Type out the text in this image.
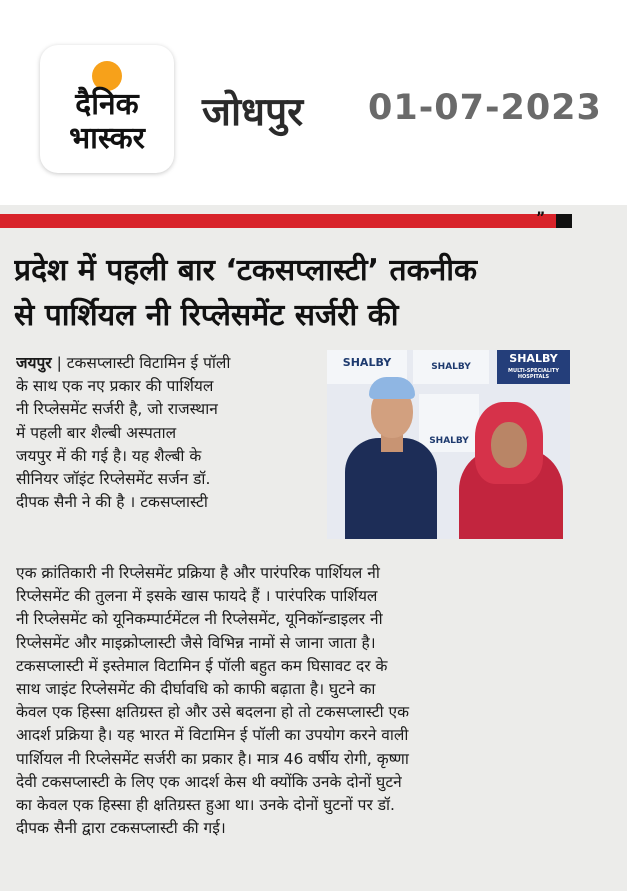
दैनिक
भास्कर
जोधपुर 01-07-2023
”
प्रदेश में पहली बार ‘टकसप्लास्टी’ तकनीक
से पार्शियल नी रिप्लेसमेंट सर्जरी की
जयपुर | टकसप्लास्टी विटामिन ई पॉली
के साथ एक नए प्रकार की पार्शियल
नी रिप्लेसमेंट सर्जरी है, जो राजस्थान
में पहली बार शैल्बी अस्पताल
जयपुर में की गई है। यह शैल्बी के
सीनियर जॉइंट रिप्लेसमेंट सर्जन डॉ.
दीपक सैनी ने की है । टकसप्लास्टी
SHALBY	SHALBY
SHALBY
MULTI-SPECIALITY HOSPITALS
SHALBY
एक क्रांतिकारी नी रिप्लेसमेंट प्रक्रिया है और पारंपरिक पार्शियल नी
रिप्लेसमेंट की तुलना में इसके खास फायदे हैं । पारंपरिक पार्शियल
नी रिप्लेसमेंट को यूनिकम्पार्टमेंटल नी रिप्लेसमेंट, यूनिकॉन्डाइलर नी
रिप्लेसमेंट और माइक्रोप्लास्टी जैसे विभिन्न नामों से जाना जाता है।
टकसप्लास्टी में इस्तेमाल विटामिन ई पॉली बहुत कम घिसावट दर के
साथ जाइंट रिप्लेसमेंट की दीर्घावधि को काफी बढ़ाता है। घुटने का
केवल एक हिस्सा क्षतिग्रस्त हो और उसे बदलना हो तो टकसप्लास्टी एक
आदर्श प्रक्रिया है। यह भारत में विटामिन ई पॉली का उपयोग करने वाली
पार्शियल नी रिप्लेसमेंट सर्जरी का प्रकार है। मात्र 46 वर्षीय रोगी, कृष्णा
देवी टकसप्लास्टी के लिए एक आदर्श केस थी क्योंकि उनके दोनों घुटने
का केवल एक हिस्सा ही क्षतिग्रस्त हुआ था। उनके दोनों घुटनों पर डॉ.
दीपक सैनी द्वारा टकसप्लास्टी की गई।
